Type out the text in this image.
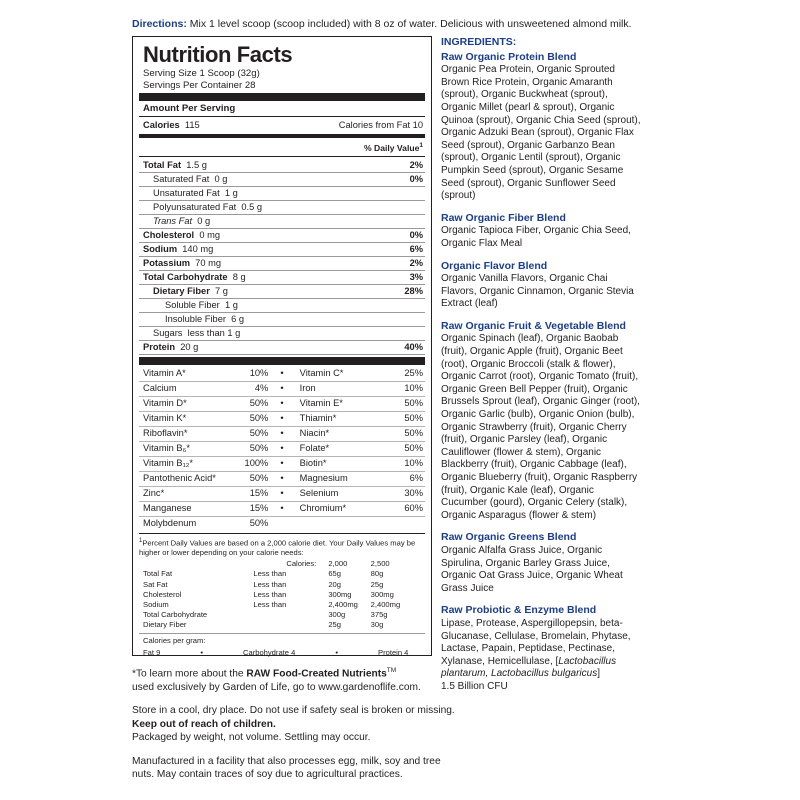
Directions: Mix 1 level scoop (scoop included) with 8 oz of water. Delicious with unsweetened almond milk.
Nutrition Facts
Serving Size 1 Scoop (32g)
Servings Per Container 28
Amount Per Serving
Calories 115	Calories from Fat 10
% Daily Value$^1$
Total Fat  1.5 g	2%
Saturated Fat  0 g	0%
Unsaturated Fat  1 g
Polyunsaturated Fat  0.5 g
Trans Fat  0 g
Cholesterol  0 mg	0%
Sodium  140 mg	6%
Potassium  70 mg	2%
Total Carbohydrate  8 g	3%
Dietary Fiber  7 g	28%
Soluble Fiber  1 g
Insoluble Fiber  6 g
Sugars  less than 1 g
Protein  20 g	40%
Vitamin A*	10%	•	Vitamin C*	25%
Calcium	4%	•	Iron	10%
Vitamin D*	50%	•	Vitamin E*	50%
Vitamin K*	50%	•	Thiamin*	50%
Riboflavin*	50%	•	Niacin*	50%
Vitamin B₆*	50%	•	Folate*	50%
Vitamin B₁₂*	100%	•	Biotin*	10%
Pantothenic Acid*	50%	•	Magnesium	6%
Zinc*	15%	•	Selenium	30%
Manganese	15%	•	Chromium*	60%
Molybdenum	50%			
$^1$Percent Daily Values are based on a 2,000 calorie diet. Your Daily Values may be higher or lower depending on your calorie needs:
	Calories:	2,000	2,500
Total Fat	Less than	65g	80g
Sat Fat	Less than	20g	25g
Cholesterol	Less than	300mg	300mg
Sodium	Less than	2,400mg	2,400mg
Total Carbohydrate		300g	375g
Dietary Fiber		25g	30g
Calories per gram:
Fat 9	•	Carbohydrate 4	•	Protein 4
INGREDIENTS:
Raw Organic Protein Blend

Organic Pea Protein, Organic Sprouted Brown Rice Protein, Organic Amaranth (sprout), Organic Buckwheat (sprout), Organic Millet (pearl & sprout), Organic Quinoa (sprout), Organic Chia Seed (sprout), Organic Adzuki Bean (sprout), Organic Flax Seed (sprout), Organic Garbanzo Bean (sprout), Organic Lentil (sprout), Organic Pumpkin Seed (sprout), Organic Sesame Seed (sprout), Organic Sunflower Seed (sprout)

Raw Organic Fiber Blend

Organic Tapioca Fiber, Organic Chia Seed, Organic Flax Meal

Organic Flavor Blend

Organic Vanilla Flavors, Organic Chai Flavors, Organic Cinnamon, Organic Stevia Extract (leaf)

Raw Organic Fruit & Vegetable Blend

Organic Spinach (leaf), Organic Baobab (fruit), Organic Apple (fruit), Organic Beet (root), Organic Broccoli (stalk & flower), Organic Carrot (root), Organic Tomato (fruit), Organic Green Bell Pepper (fruit), Organic Brussels Sprout (leaf), Organic Ginger (root), Organic Garlic (bulb), Organic Onion (bulb), Organic Strawberry (fruit), Organic Cherry (fruit), Organic Parsley (leaf), Organic Cauliflower (flower & stem), Organic Blackberry (fruit), Organic Cabbage (leaf), Organic Blueberry (fruit), Organic Raspberry (fruit), Organic Kale (leaf), Organic Cucumber (gourd), Organic Celery (stalk), Organic Asparagus (flower & stem)

Raw Organic Greens Blend

Organic Alfalfa Grass Juice, Organic Spirulina, Organic Barley Grass Juice, Organic Oat Grass Juice, Organic Wheat Grass Juice

Raw Probiotic & Enzyme Blend

Lipase, Protease, Aspergillopepsin, beta-Glucanase, Cellulase, Bromelain, Phytase, Lactase, Papain, Peptidase, Pectinase, Xylanase, Hemicellulase, [Lactobacillus plantarum, Lactobacillus bulgaricus]
1.5 Billion CFU

*To learn more about the RAW Food-Created Nutrients™
used exclusively by Garden of Life, go to www.gardenoflife.com.
Store in a cool, dry place. Do not use if safety seal is broken or missing. Keep out of reach of children.
Packaged by weight, not volume. Settling may occur.
Manufactured in a facility that also processes egg, milk, soy and tree nuts. May contain traces of soy due to agricultural practices.
